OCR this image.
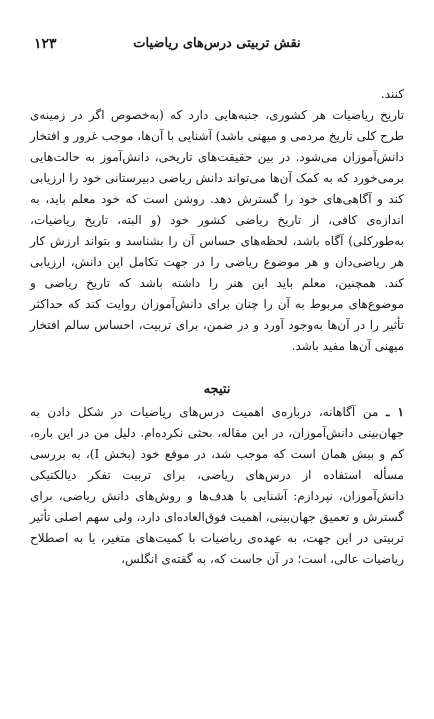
۱۲۳	نقش تربیتی درس‌های ریاضیات

کنند.

تاریخ ریاضیات هر کشوری، جنبه‌هایی دارد که (به‌خصوص اگر در زمینه‌ی طرح کلی تاریخ مردمی و میهنی باشد) آشنایی با آن‌ها، موجب غرور و افتخار دانش‌آموزان می‌شود. در بین حقیقت‌های تاریخی، دانش‌آموز به حالت‌هایی برمی‌خورد که به کمک آن‌ها می‌تواند دانش ریاضی دبیرستانی خود را ارزیابی کند و آگاهی‌های خود را گسترش دهد. روشن است که خود معلم باید، به اندازه‌ی کافی، از تاریخ ریاضی کشور خود (و البته، تاریخ ریاضیات، به‌طورکلی) آگاه باشد، لحظه‌های حساس آن را بشناسد و بتواند ارزش کار هر ریاضی‌دان و هر موضوع ریاضی را در جهت تکامل این دانش، ارزیابی کند. همچنین، معلم باید این هنر را داشته باشد که تاریخ ریاضی و موضوع‌های مربوط به آن را چنان برای دانش‌آموزان روایت کند که حداکثر تأثیر را در آن‌ها به‌وجود آورد و در ضمن، برای تربیت، احساس سالم افتخار میهنی آن‌ها مفید باشد.

نتیجه

۱ ـ من آگاهانه، درباره‌ی اهمیت درس‌های ریاضیات در شکل دادن به جهان‌بینی دانش‌آموزان، در این مقاله، بحثی نکرده‌ام. دلیل من در این باره، کم و بیش همان است که موجب شد، در موقع خود (بخش I)، به بررسی مسأله استفاده از درس‌های ریاضی، برای تربیت تفکر دیالکتیکی دانش‌آموزان، نپردازم: آشنایی با هدف‌ها و روش‌های دانش ریاضی، برای گسترش و تعمیق جهان‌بینی، اهمیت فوق‌العاده‌ای دارد، ولی سهم اصلی تأثیر تربیتی در این جهت، به عهده‌ی ریاضیات با کمیت‌های متغیر، یا به اصطلاح ریاضیات عالی، است؛ در آن جاست که، به گفته‌ی انگلس،
